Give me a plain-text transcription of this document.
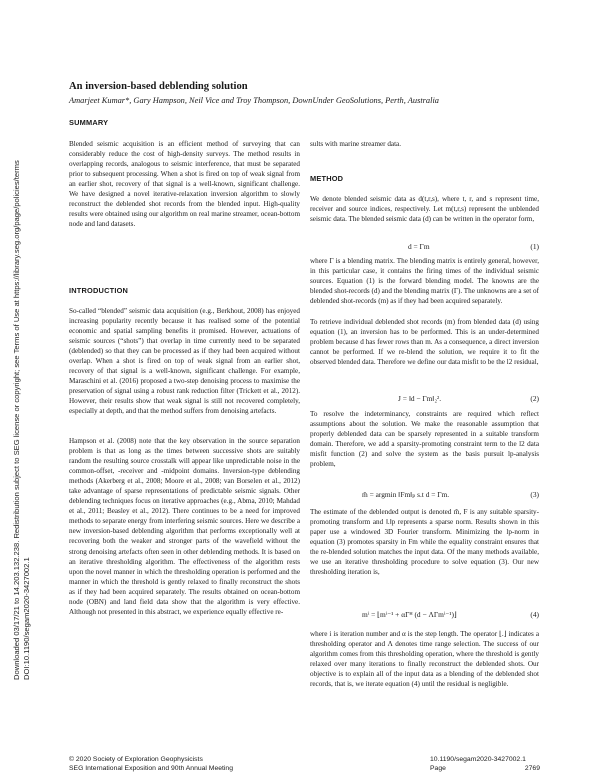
Downloaded 03/17/21 to 14.203.132.238. Redistribution subject to SEG license or copyright; see Terms of Use at https://library.seg.org/page/policies/terms DOI:10.1190/segam2020-3427002.1
An inversion-based deblending solution
Amarjeet Kumar*, Gary Hampson, Neil Vice and Troy Thompson, DownUnder GeoSolutions, Perth, Australia
SUMMARY
Blended seismic acquisition is an efficient method of surveying that can considerably reduce the cost of high-density surveys. The method results in overlapping records, analogous to seismic interference, that must be separated prior to subsequent processing. When a shot is fired on top of weak signal from an earlier shot, recovery of that signal is a well-known, significant challenge. We have designed a novel iterative-relaxation inversion algorithm to slowly reconstruct the deblended shot records from the blended input. High-quality results were obtained using our algorithm on real marine streamer, ocean-bottom node and land datasets.
INTRODUCTION
So-called “blended” seismic data acquisition (e.g., Berkhout, 2008) has enjoyed increasing popularity recently because it has realised some of the potential economic and spatial sampling benefits it promised. However, actuations of seismic sources (“shots”) that overlap in time currently need to be separated (deblended) so that they can be processed as if they had been acquired without overlap. When a shot is fired on top of weak signal from an earlier shot, recovery of that signal is a well-known, significant challenge. For example, Maraschini et al. (2016) proposed a two-step denoising process to maximise the preservation of signal using a robust rank reduction filter (Trickett et al., 2012). However, their results show that weak signal is still not recovered completely, especially at depth, and that the method suffers from denoising artefacts.
Hampson et al. (2008) note that the key observation in the source separation problem is that as long as the times between successive shots are suitably random the resulting source crosstalk will appear like unpredictable noise in the common-offset, -receiver and -midpoint domains. Inversion-type deblending methods (Akerberg et al., 2008; Moore et al., 2008; van Borselen et al., 2012) take advantage of sparse representations of predictable seismic signals. Other deblending techniques focus on iterative approaches (e.g., Abma, 2010; Mahdad et al., 2011; Beasley et al., 2012). There continues to be a need for improved methods to separate energy from interfering seismic sources. Here we describe a new inversion-based deblending algorithm that performs exceptionally well at recovering both the weaker and stronger parts of the wavefield without the strong denoising artefacts often seen in other deblending methods. It is based on an iterative thresholding algorithm. The effectiveness of the algorithm rests upon the novel manner in which the thresholding operation is performed and the manner in which the threshold is gently relaxed to finally reconstruct the shots as if they had been acquired separately. The results obtained on ocean-bottom node (OBN) and land field data show that the algorithm is very effective. Although not presented in this abstract, we experience equally effective re-
sults with marine streamer data.
METHOD
We denote blended seismic data as d(t,r,s), where t, r, and s represent time, receiver and source indices, respectively. Let m(t,r,s) represent the unblended seismic data. The blended seismic data (d) can be written in the operator form,
d = Γm	(1)
where Γ is a blending matrix. The blending matrix is entirely general, however, in this particular case, it contains the firing times of the individual seismic sources. Equation (1) is the forward blending model. The knowns are the blended shot-records (d) and the blending matrix (Γ). The unknowns are a set of deblended shot-records (m) as if they had been acquired separately.
To retrieve individual deblended shot records (m) from blended data (d) using equation (1), an inversion has to be performed. This is an under-determined problem because d has fewer rows than m. As a consequence, a direct inversion cannot be performed. If we re-blend the solution, we require it to fit the observed blended data. Therefore we define our data misfit to be the l2 residual,
J = ‖d − Γm‖₂².	(2)
To resolve the indeterminancy, constraints are required which reflect assumptions about the solution. We make the reasonable assumption that properly deblended data can be sparsely represented in a suitable transform domain. Therefore, we add a sparsity-promoting constraint term to the l2 data misfit function (2) and solve the system as the basis pursuit lp-analysis problem,
m̃ = argmin ‖Fm‖ₚ s.t d = Γm.	(3)
The estimate of the deblended output is denoted m̃, F is any suitable sparsity-promoting transform and ‖.‖p represents a sparse norm. Results shown in this paper use a windowed 3D Fourier transform. Minimizing the lp-norm in equation (3) promotes sparsity in Fm while the equality constraint ensures that the re-blended solution matches the input data. Of the many methods available, we use an iterative thresholding procedure to solve equation (3). Our new thresholding iteration is,
mⁱ = ⌊mⁱ⁻¹ + αΓᴴ (d − ΛΓmⁱ⁻¹)⌋	(4)
where i is iteration number and α is the step length. The operator ⌊.⌋ indicates a thresholding operator and Λ denotes time range selection. The success of our algorithm comes from this thresholding operation, where the threshold is gently relaxed over many iterations to finally reconstruct the deblended shots. Our objective is to explain all of the input data as a blending of the deblended shot records, that is, we iterate equation (4) until the residual is negligible.
© 2020 Society of Exploration Geophysicists
SEG International Exposition and 90th Annual Meeting
10.1190/segam2020-3427002.1
Page	2769
